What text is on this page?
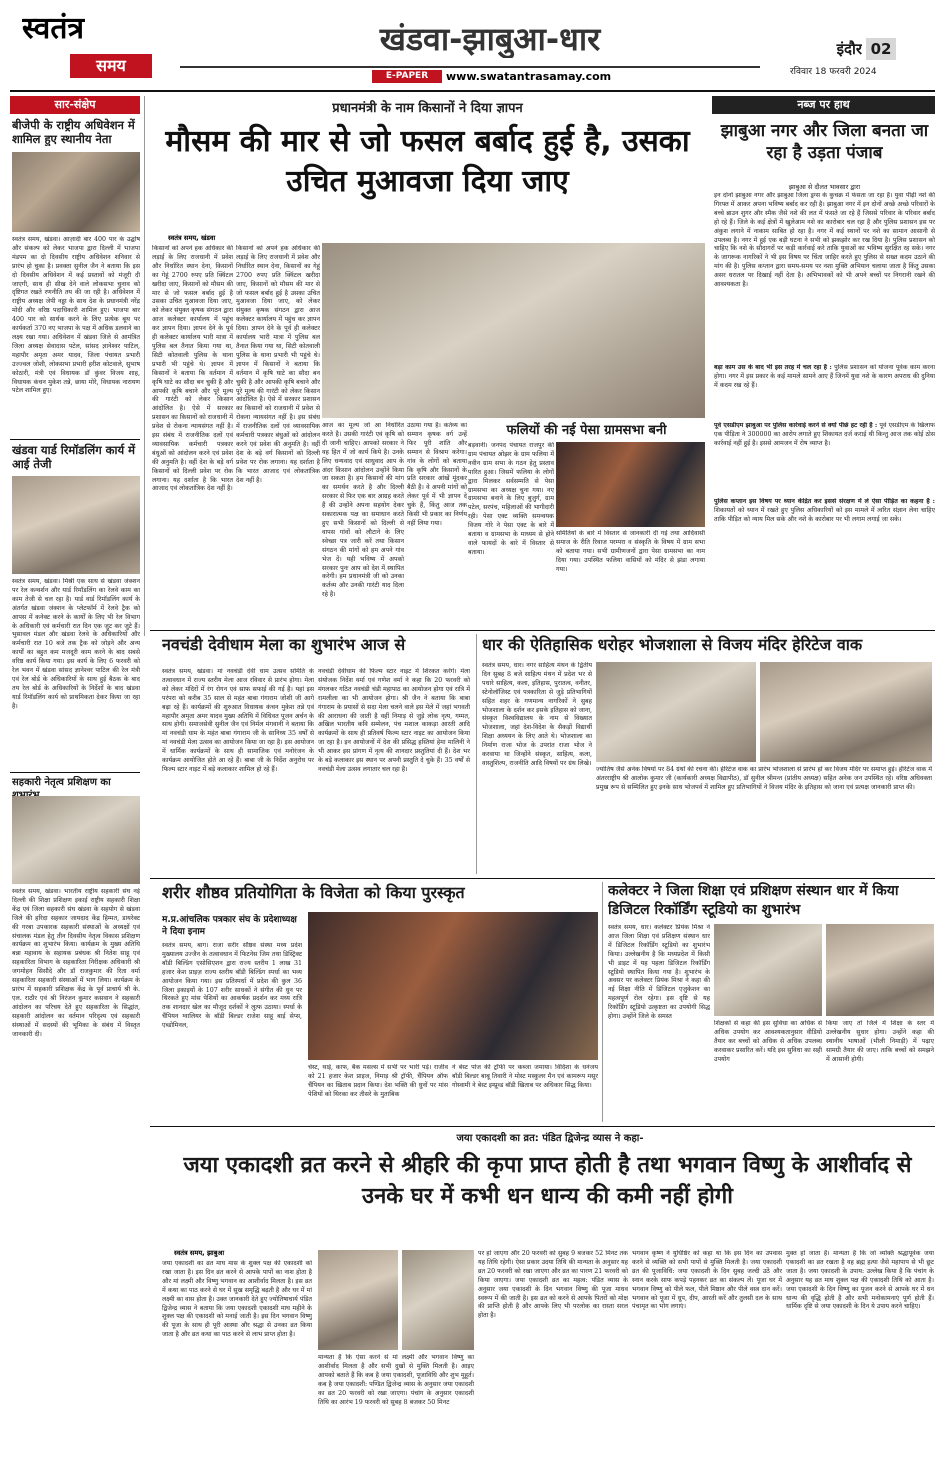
स्वतंत्र
समय
खंडवा-झाबुआ-धार
E-PAPER	www.swatantrasamay.com
इंदौर 02
रविवार 18 फरवरी 2024
सार-संक्षेप
बीजेपी के राष्ट्रीय अधिवेशन में शामिल हुए स्थानीय नेता
स्वतंत्र समय, खंडवा। आज़ादी बार 400 पार के उद्घोष और संकल्प को लेकर भाजपा द्वारा दिल्ली में भाजपा मंडपम का दो दिवसीय राष्ट्रीय अधिवेशन शनिवार से प्रारंभ हो चुका है। प्रवक्ता सुनील जैन ने बताया कि इस दो दिवसीय अधिवेशन में कई प्रस्तावों को मंजूरी दी जाएगी, साथ ही सीख देने वाले लोकसभा चुनाव को दृष्टिगत रखते रणनीति तय की जा रही है। अधिवेशन में राष्ट्रीय अध्यक्ष जेपी नड्डा के साथ देश के प्रधानमंत्री नरेंद्र मोदी और वरिष्ठ पदाधिकारी शामिल हुए। भाजपा बार 400 पार को सार्थक करने के लिए प्रत्येक बूथ पर कार्यकर्ता 370 नए भाजपा के पक्ष में अधिक डलवाने का लक्ष्य रखा गया। अधिवेशन में खंडवा जिले से आमंत्रित जिला अध्यक्ष सेवादास पटेल, सांसद ज्ञानेश्वर पाटिल, महापौर अमृता अमर यादव, जिला पंचायत प्रभारी उज्ज्वल जोशी, लोकसभा प्रभारी हरीश कोटवाले, सुभाष कोठारी, मंत्री एवं विधायक डॉ कुंवर विजय शाह, विधायक कंचन मुकेश तन्ने, छाया मोरे, विधायक नारायण पटेल शामिल हुए।
खंडवा यार्ड रिमॉडलिंग कार्य में आई तेजी
स्वतंत्र समय, खंडवा। मिस्री एक साथ से खंडवा जंक्शन पर रेल कन्वर्शन और यार्ड रिमॉडलिंग का रेलवे काम का काम तेजी से चल रहा है। यार्ड वार्ड रिमॉडलिंग कार्य के अंतर्गत खंडवा जंक्शन के प्लेटफॉर्म में रेलवे ट्रैक को आपस में कनेक्ट करने के कार्यों के लिए भी रेल विभाग के अधिकारी एवं कर्मचारी रात दिन एक जुट कर जुटे हैं। भुसावल मंडल और खंडवा रेलवे के अधिकारियों और कर्मचारी रात 10 बजे तक ट्रैक को जोड़ने और अन्य कार्यों का बहुत कम मजदूरी काम करने के बाद सबसे वरिष्ठ कार्य किया गया। इस कार्य के लिए 6 फरवरी को रेल भवन में खंडवा सांसद ज्ञानेश्वर पाटिल की रेल मंत्री एवं रेल बोर्ड के अधिकारियों के साथ हुई बैठक के बाद तय रेल बोर्ड के अधिकारियों के निर्देशों के बाद खंडवा यार्ड रिमॉडलिंग कार्य को प्राथमिकता देकर किया जा रहा है।
सहकारी नेतृत्व प्रशिक्षण का
स्वतंत्र समय, खंडवा। भारतीय राष्ट्रीय सहकारी संघ नई दिल्ली की शिक्षा प्रशिक्षण इकाई राष्ट्रीय सहकारी शिक्षा केंद्र एवं जिला सहकारी संघ खंडवा के सहयोग से खंडवा जिले की हरिदा सहकार जायदाद केंद्र हिम्मत, डायरेक्ट की गरबा उपकारक सहकारी संस्थाओं के अध्यक्षों एवं संचालक मंडल हेतु तीन दिवसीय नेतृत्व विकास प्रशिक्षण कार्यक्रम का शुभारंभ किया। कार्यक्रम के मुख्य अतिथि बन्ना महावाय के सहायक प्रबंधक श्री नितेश साहू एवं सहकारिता विभाग के सहकारिता निरीक्षक अधिकारी श्री जगमोहन सिसौदे और डॉ राजकुमार की रिता वर्मा सहकारिता सहकारी संस्थाओं में भाग लिया। कार्यक्रम के प्रारंभ में सहकारी प्रशिक्षक केंद्र के पूर्व प्राचार्य श्री के. एल. राठौर एवं श्री निरंजन कुमार कसवान ने सहकारी आंदोलन का परिचय देते हुए सहकारिता के सिद्धांत, सहकारी आंदोलन का वर्तमान परिदृश्य एवं सहकारी संस्थाओं में सदस्यों की भूमिका के संबंध में विस्तृत जानकारी दी।
प्रधानमंत्री के नाम किसानों ने दिया ज्ञापन
मौसम की मार से जो फसल बर्बाद हुई है, उसका उचित मुआवजा दिया जाए
स्वतंत्र समय, खंडवा
किसानों को अपने हक अधिकार की लड़ाई के लिए राजधानी में प्रवेश और निर्धारित स्थान देना, किसानों का गेहूं 2700 रुपए प्रति क्विंटल खरीदा जाए, किसानों को मौसम की मार से जो फसल बर्बाद हुई है उसका उचित मुआवजा दिया जाए, को लेकर संयुक्त कृषक संगठन द्वारा आज कलेक्टर कार्यालय में पहुंच कर ज्ञापन दिया। ज्ञापन देने के पूर्व ही कलेक्टर कार्यालय भारी मात्रा में पुलिस बल तैनात किया गया था, सिटी कोतवाली पुलिस के थाना प्रभारी भी पहुंचे थे। ज्ञापन में किसानों ने बताया कि वर्तमान में कृषि घाटे का सौदा बन चुकी है और आपकी कृषि बचाने और पूरे मूल्य की गारंटी को लेकर किसान आंदोलित है। ऐसे में सरकार प्रशासन का किसानों को राजधानी में प्रवेश से रोकना न्यायसंगत नहीं है। इस संबंध में राजनीतिक दलों एवं व्यावसायिक कर्मचारी पत्रकार बंधुओं को आंदोलन करने एवं प्रवेश की अनुमति है। वहीं देश के बड़े वर्ग किसानों को दिल्ली प्रवेश पर रोक लगाना। यह दर्शाता है कि भारत आजाद एवं लोकतांत्रिक देश नहीं है।
किसानों को अपने हक अधिकार की लड़ाई के लिए राजधानी में प्रवेश और निर्धारित स्थान देना, किसानों का गेहूं 2700 रुपए प्रति क्विंटल खरीदा जाए, किसानों को मौसम की मार से जो फसल बर्बाद हुई है उसका उचित मुआवजा दिया जाए, को लेकर संयुक्त कृषक संगठन द्वारा आज कलेक्टर कार्यालय में पहुंच कर ज्ञापन दिया। ज्ञापन देने के पूर्व ही कलेक्टर कार्यालय भारी मात्रा में पुलिस बल तैनात किया गया था, सिटी कोतवाली पुलिस के थाना प्रभारी भी पहुंचे थे। ज्ञापन में किसानों ने बताया कि वर्तमान में कृषि घाटे का सौदा बन चुकी है और आपकी कृषि बचाने और पूरे मूल्य की गारंटी को लेकर किसान आंदोलित है। ऐसे में सरकार प्रशासन का किसानों को राजधानी में प्रवेश से रोकना न्यायसंगत नहीं है। इस संबंध में राजनीतिक दलों एवं व्यावसायिक कर्मचारी पत्रकार बंधुओं को आंदोलन करने एवं प्रवेश की अनुमति है। वहीं देश के बड़े वर्ग किसानों को दिल्ली प्रवेश पर रोक लगाना। यह दर्शाता है कि भारत आजाद एवं लोकतांत्रिक देश नहीं है।
आज का मूल्य जो आ निर्धारित करते है। उसकी गारंटी एवं कृषि को दी जानी चाहिए। आपको सरकार ने वह हित में जो कार्य किये है। उनके लिए धन्यवाद एवं साधुवाद आप के अंदर किसान आंदोलन उन्होंने किया जा सकता है। हम किसानों की मांग का समर्थन करते है और दिल्ली सरकार से फिर एक बार आग्रह करते हैं की उन्होंने अपना सहयोग देकर सकारात्मक पक्ष का समाधान करते हुए सभी किसानों को दिल्ली से वापस गांवों को लौटाने के लिए स्वेच्छा पत्र जारी करें तथा किसान संगठन की मांगों को हम अपने गांव भेज दें। यही भविष्य में अपको सरकार पुनः आप को देश में स्थापित करेगी। हम प्रधानमंत्री जी को उनका कर्तव्य और उनकी गारंटी याद दिला रहे है।
उठाया गया है। कर्तव्य का सम्मान कृषक वर्ग उन्हें फिर पूरी शांति और सम्मान से विश्राम करेगा। गांव के लोगों को बताया कि कृषि और किसानों के प्रति सरकार आंखें मूंदकर बैठी है। वे अपनी मांगों को लेकर पूर्व में भी ज्ञापन दे चुके हैं, किंतु आज तक किसी भी प्रकार का निर्णय नहीं लिया गया।
फलियों की नई पेसा ग्रामसभा बनी
बड़वानी। जनपद पंचायत राजपुर की ग्राम पंचायत ओझर के ग्राम फलिया में नवीन ग्राम सभा के गठन हेतु प्रस्ताव पारित हुआ। जिसमें फलिया के लोगों द्वारा मिलकर सर्वसम्मति से पेसा ग्रामसभा का अध्यक्ष चुना गया। नए ग्रामसभा बनाने के लिए बुजुर्ग, ग्राम पटेल, सरपंच, महिलाओं की भागीदारी रही। पेसा एक्ट व्यक्ति समन्वयक विजय गोरे ने पेसा एक्ट के बारे में बताया व ग्रामसभा के माध्यम से होने वाले फायदों के बारे में विस्तार से बताया।
समितियों के बारे में विस्तार से जानकारी दी गई तथा आदिवासी समाज के रीति रिवाज परम्परा व संस्कृति के विषय में ग्राम सभा को बताया गया। सभी ग्रामीणजनों द्वारा पेसा ग्रामसभा का नाम दिया गया। उपस्थित फलिया वासियों को मंदिर से झंडा लगाया गया।
नब्ज पर हाथ
झाबुआ नगर और जिला बनता जा रहा है उड़ता पंजाब
झाबुआ से दौलत भावसार द्वारा
इन दोनों झाबुआ नगर और झाबुआ जिला ड्रग्स के कुचक्र में फंसता जा रहा है। युवा पीढ़ी नशे की गिरफ्त में आकर अपना भविष्य बर्बाद कर रही है। झाबुआ नगर में इन दोनों अच्छे अच्छे परिवारों के बच्चे ब्राउन शुगर और स्मैक जैसे नशे की लत में फंसते जा रहे हैं जिससे परिवार के परिवार बर्बाद हो रहे हैं। जिले के कई क्षेत्रों में खुलेआम नशे का कारोबार चल रहा है और पुलिस प्रशासन इस पर अंकुश लगाने में नाकाम साबित हो रहा है। नगर में कई स्थानों पर नशे का सामान आसानी से उपलब्ध है। नगर में हुई एक बड़ी घटना ने सभी को झकझोर कर रख दिया है। पुलिस प्रशासन को चाहिए कि नशे के सौदागरों पर कड़ी कार्रवाई करे ताकि युवाओं का भविष्य सुरक्षित रह सके। नगर के जागरूक नागरिकों ने भी इस विषय पर चिंता जाहिर करते हुए पुलिस से सख्त कदम उठाने की मांग की है। पुलिस कप्तान द्वारा समय-समय पर नशा मुक्ति अभियान चलाया जाता है किंतु उसका असर धरातल पर दिखाई नहीं देता है। अभिभावकों को भी अपने बच्चों पर निगरानी रखने की आवश्यकता है।
बड़ा काम उस के बाद भी इस तरह में चल रहा है : पुलिस प्रशासन को योजना पूर्वक काम करना होगा। नगर में इस प्रकार के कई मामले सामने आए हैं जिनमें युवा नशे के कारण अपराध की दुनिया में कदम रख रहे हैं।
पूर्व एसडीएम झाबुआ पर पुलिस कार्रवाई करने से क्यों पीछे हट रही है : पूर्व एसडीएम के खिलाफ एक पीड़िता ने 300000 का आरोप लगाते हुए शिकायत दर्ज कराई थी किन्तु आज तक कोई ठोस कार्रवाई नहीं हुई है। इससे आमजन में रोष व्याप्त है।
पुलिस कप्तान इस विषय पर ध्यान केंद्रित कर इससे संरक्षण में ले ऐसा पीड़ित का कहना है : शिकायतों को ध्यान में रखते हुए पुलिस अधिकारियों को इस मामले में त्वरित संज्ञान लेना चाहिए ताकि पीड़ित को न्याय मिल सके और नशे के कारोबार पर भी लगाम लगाई जा सके।
नवचंडी देवीधाम मेला का शुभारंभ आज से
स्वतंत्र समय, खंडवा। मां नवचंडी देवी धाम उत्सव समिति के तत्वावधान में राज्य स्तरीय मेला आज रविवार से प्रारंभ होगा। मेला को लेकर मंदिरों में रंग रोगन एवं साफ सफाई की गई है। यहां इस परंपरा को करीब 35 साल से महंत बाबा गंगाराम जोशी जी आगे बढ़ा रहे हैं। कार्यक्रमों की शुरुआत विधायक कंचन मुकेश तन्ने एवं महापौर अमृता अमर यादव मुख्य अतिथि में विधिवत पूजन अर्चन के साथ होगी। समाजसेवी सुनील जैन एवं निर्मल मंगवानी ने बताया कि मां नवचंडी धाम के महंत बाबा गंगाराम जी के सानिध्य 35 वर्षों से मां नवचंडी मेला उत्सव का आयोजन किया जा रहा है। इस आयोजन में धार्मिक कार्यक्रमों के साथ ही सामाजिक एवं मनोरंजन के कार्यक्रम आयोजित होते आ रहे हैं। बाबा जी के निर्देश अनुरोध पर फिल्म स्टार नाइट में बड़े कलाकार शामिल हो रहे हैं।
नवचंडी देवीधाम की फिल्म स्टार नाइट में शिरकत करेंगे। मेला संयोजक निर्देश वर्मा एवं गणेश वर्मा ने कहा कि 20 फरवरी को मंगलकर गठित नवचंडी चंडी महापाठ का आयोजन होगा एवं रात्रि में रामलीला का भी आयोजन होगा। श्री जैन ने बताया कि बाबा गंगाराम के प्रयासों से सदा मेला चलने वाले इस मेले में जहां भगवती की आराधना की जाती है वहीं निमाड़ से जुड़े लोक नृत्य, गम्मत, अखिल भारतीय कवि सम्मेलन, पंच मशाल काकड़ा आरती आदि कार्यक्रमों के साथ ही प्रतिवर्ष फिल्म स्टार नाइट का आयोजन किया जा रहा है। इन आयोजनों में देश की प्रसिद्ध हस्तियां हेमा मालिनी ने भी आकर इस प्रांगण में नृत्य की शानदार प्रस्तुतियां दी हैं। देश भर के बड़े कलाकार इस स्थान पर अपनी प्रस्तुति दे चुके हैं। 35 वर्षों से नवचंडी मेला उत्सव लगातार चल रहा है।
धार की ऐतिहासिक धरोहर भोजशाला से विजय मंदिर हेरिटेज वाक
स्वतंत्र समय, धार। नगर साहित्य मंथन के द्वितीय दिन सुबह 8 बजे साहित्य मंथन में प्रदेश भर से पधारे साहित्य, कला, इतिहास, पुरातत्व, वनीतर, स्टेनोलॉजिस्ट एवं पत्रकारिता से जुड़े प्रतिभागियों सहित शहर के गणमान्य नागरिकों ने सुबह भोजशाला के दर्शन कर इसके इतिहास को जाना, संस्कृत विश्वविद्यालय के नाम से विख्यात भोजशाला, जहां देश-विदेश के सैकड़ों विद्यार्थी शिक्षा अध्ययन के लिए आते थे। भोजशाला का निर्माण राजा भोज के उपरांत राजा भोज ने करवाया था जिन्होंने संस्कृत, साहित्य, कला, वास्तुशिल्प, राजनीति आदि विषयों पर ग्रंथ लिखे।
ज्योतिष जैसे अनेक विषयों पर 84 ग्रंथों की रचना की। हेरिटेज वाक का प्रारंभ भोजशाला से प्रारंभ हो कर विजय मंदिर पर समाप्त हुई। हेरिटेज वाक में अंतरराष्ट्रीय श्री आलोक कुमार जी (कार्यकारी अध्यक्ष विद्यापीठ), डॉ सुनील श्रीमन्त (प्रांतीय अध्यक्ष) सहित अनेक जन उपस्थित रहे। वरिष्ठ अधिवक्ता प्रमुख रूप से सम्मिलित हुए इनके साथ भोजपर्व में शामिल हुए प्रतिभागियों ने विजय मंदिर के इतिहास को जाना एवं प्रत्यक्ष जानकारी प्राप्त की।
शरीर शौष्ठव प्रतियोगिता के विजेता को किया पुरस्कृत
म.प्र.आंचलिक पत्रकार संघ के प्रदेशाध्यक्ष ने दिया इनाम
स्वतंत्र समय, बाग। राजा सरीर सौष्ठव संस्था मध्य प्रदेश मुख्यालय उज्जैन के तत्वावधान में फिटनेस जिम तथा डिस्ट्रिक्ट बॉडी बिल्डिंग एसोसिएशन द्वारा राज्य स्तरीय 1 लाख 31 हजार केश प्राइज़ राज्य स्तरीय बॉडी बिल्डिंग स्पर्धा का भव्य आयोजन किया गया। इस प्रतिस्पर्धा में प्रदेश की कुल 36 जिला इकाइयों के 107 शरीर साधकों ने संगीत की धुन पर थिरकते हुए मांस पेशियों का आकर्षक प्रदर्शन कर मध्य रात्रि तक शानदार खेल का मौजूद दर्शकों ने लुत्फ उठाया। स्पर्धा के चैंपियन ग्वालियर के बॉडी बिल्डर राजेश साहू बाई सेप्स, एब्डोमिनल,
चेस्ट, थाई, काफ, बैक मसल्स में सभी पर भारी पड़े। राजीव को 21 हजार केश प्राइज, निमाड़ श्री ट्रॉफी, चैंपियन ऑफ चैंपियन का खिताब प्रदान किया। देश भक्ति की धुनों पर मांस पेशियों को थिरका कर तीसरे के मुताबिक
ने बेस्ट पोज की ट्रॉफी पर कब्जा जमाया। विदिशा के धनंजय बॉडी बिल्डर बाबू तिवारी ने मोस्ट मस्कुलर मैन एवं कामरूप मसूर गोस्वामी ने बेस्ट इम्प्रूव्ड बॉडी खिताब पर अधिकार सिद्ध किया।
कलेक्टर ने जिला शिक्षा एवं प्रशिक्षण संस्थान धार में किया डिजिटल रिकॉर्डिंग स्टूडियो का शुभारंभ
स्वतंत्र समय, धार। कलेक्टर प्रियंक मिश्रा ने आज जिला शिक्षा एवं प्रशिक्षण संस्थान धार में डिजिटल रिकॉर्डिंग स्टूडियो का शुभारंभ किया। उल्लेखनीय है कि मध्यप्रदेश में किसी भी डाइट में यह पहला डिजिटल रिकॉर्डिंग स्टूडियो स्थापित किया गया है। शुभारंभ के अवसर पर कलेक्टर प्रियंक मिश्रा ने कहा की नई शिक्षा नीति में डिजिटल एजुकेशन का महत्वपूर्ण रोल रहेगा। इस दृष्टि से यह रिकॉर्डिंग स्टूडियो उत्कृष्टता का उपयोगी सिद्ध होगा। उन्होंने जिले के समस्त
शिक्षकों से कहा की इस सुविधा का अधिक से अधिक उपयोग कर आवश्यकतानुसार वीडियो तैयार कर बच्चों को अधिक से अधिक उपलब्ध करवाकर प्रसारित करें। यदि इस सुविधा का सही उपयोग
किया जाए तो जिले में शिक्षा के स्तर में उल्लेखनीय सुधार होगा। उन्होंने कहा की स्थानीय भाषाओं (भीली निमाड़ी) में पढ़ाए सामग्री तैयार की जाए। ताकि बच्चों को समझने में आसानी होगी।
जया एकादशी का व्रत: पंडित द्विजेन्द्र व्यास ने कहा-
जया एकादशी व्रत करने से श्रीहरि की कृपा प्राप्त होती है तथा भगवान विष्णु के आशीर्वाद से उनके घर में कभी धन धान्य की कमी नहीं होगी
स्वतंत्र समय, झाबुआ
जया एकादशी का व्रत माघ मास के शुक्ल पक्ष की एकादशी को रखा जाता है। इस दिन व्रत करने से आपके पापों का नाश होता है और मां लक्ष्मी और विष्णु भगवान का आशीर्वाद मिलता है। इस व्रत में कथा का पाठ करने से घर में सुख समृद्धि बढ़ती है और घर में मां लक्ष्मी का वास होता है। उक्त जानकारी देते हुए ज्योतिषाचार्य पंडित द्विजेन्द्र व्यास ने बताया कि जया एकादशी एकादशी माघ महीने के शुक्ल पक्ष की एकादशी को मनाई जाती है। इस दिन भगवान विष्णु की पूजा के साथ ही पूरी आस्था और श्रद्धा से उनका व्रत किया जाता है और व्रत कथा का पाठ करने से लाभ प्राप्त होता है।
मान्यता है कि ऐसा करने से मां लक्ष्मी और भगवान विष्णु का आशीर्वाद मिलता है और सभी दुखों से मुक्ति मिलती है। आइए आपको बताते हैं कि कब है जया एकादशी, पूजाविधि और शुभ मुहूर्त। कब है जया एकादशी: पण्डित द्विजेन्द्र व्यास के अनुसार जया एकादशी का व्रत 20 फरवरी को रखा जाएगा। पंचांग के अनुसार एकादशी तिथि का आरंभ 19 फरवरी को सुबह 8 बजकर 50 मिनट
पर हो जाएगा और 20 फरवरी को सुबह 9 बजकर 52 मिनट तक यह तिथि रहेगी। ऐसा प्रकार उदया तिथि की मान्यता के अनुसार यह व्रत 20 फरवरी को रखा जाएगा और व्रत का पारण 21 फरवरी को किया जाएगा। जया एकादशी व्रत का महत्व: पंडित व्यास के अनुसार जया एकादशी के दिन भगवान विष्णु की पूजा माधव स्वरूप में की जाती है। इस व्रत को करने से आपके पितरों को मोक्ष की प्राप्ति होती है और आपके लिए भी परलोक का रास्ता सरल होता है।
भगवान कृष्ण ने युधिष्ठिर को कहा था कि इस दिन का उपवास करने से व्यक्ति को सभी पापों से मुक्ति मिलती है। जया एकादशी व्रत की पूजाविधि: जया एकादशी के दिन सुबह जल्दी उठें और स्नान करके साफ कपड़े पहनकर व्रत का संकल्प लें। पूजा घर में भगवान विष्णु को पीले फल, पीले मिष्ठान और पीले वस्त्र दान करें। भगवान को पूजा में धूप, दीप, आरती करें और तुलसी दल के साथ पंचामृत का भोग लगाएं।
मुक्त हो जाता है। मान्यता है कि जो व्यक्ति श्रद्धापूर्वक जया एकादशी का व्रत रखता है वह ब्रह्म हत्या जैसे महापाप से भी छूट जाता है। जया एकादशी के उपाय: उल्लेख किया है कि पंचांग के अनुसार यह व्रत माघ शुक्ल पक्ष की एकादशी तिथि को आता है। जया एकादशी के दिन विष्णु का पूजन करने से आपके घर में धन धान्य की वृद्धि होती है और सभी मनोकामनाएं पूर्ण होती हैं। धार्मिक दृष्टि से जया एकादशी के दिन ये उपाय करने चाहिए।
